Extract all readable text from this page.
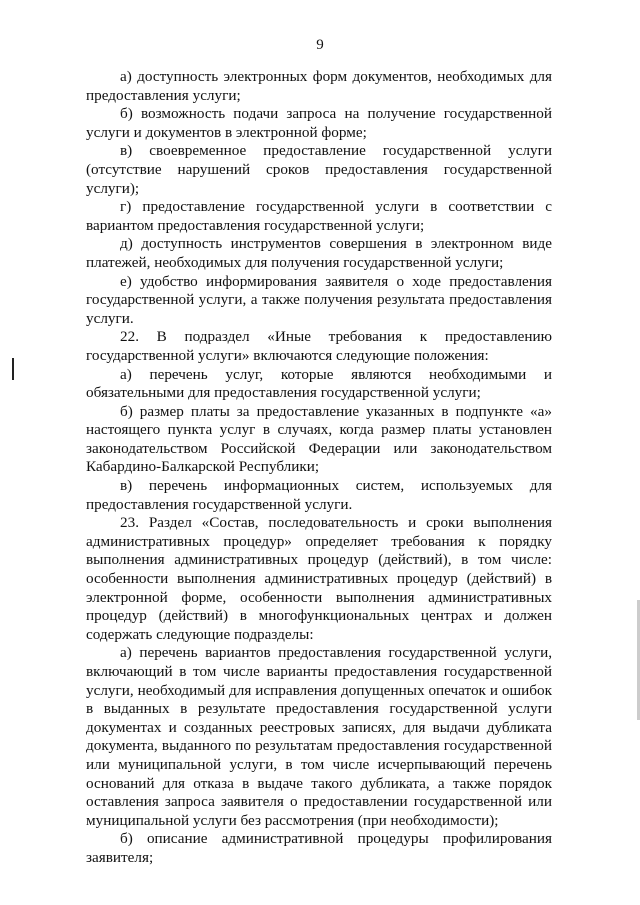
9

а) доступность электронных форм документов, необходимых для предоставления услуги;

б) возможность подачи запроса на получение государственной услуги и документов в электронной форме;

в) своевременное предоставление государственной услуги (отсутствие нарушений сроков предоставления государственной услуги);

г) предоставление государственной услуги в соответствии с вариантом предоставления государственной услуги;

д) доступность инструментов совершения в электронном виде платежей, необходимых для получения государственной услуги;

е) удобство информирования заявителя о ходе предоставления государственной услуги, а также получения результата предоставления услуги.

22. В подраздел «Иные требования к предоставлению государственной услуги» включаются следующие положения:

а) перечень услуг, которые являются необходимыми и обязательными для предоставления государственной услуги;

б) размер платы за предоставление указанных в подпункте «а» настоящего пункта услуг в случаях, когда размер платы установлен законодательством Российской Федерации или законодательством Кабардино-Балкарской Республики;

в) перечень информационных систем, используемых для предоставления государственной услуги.

23. Раздел «Состав, последовательность и сроки выполнения административных процедур» определяет требования к порядку выполнения административных процедур (действий), в том числе: особенности выполнения административных процедур (действий) в электронной форме, особенности выполнения административных процедур (действий) в многофункциональных центрах и должен содержать следующие подразделы:

а) перечень вариантов предоставления государственной услуги, включающий в том числе варианты предоставления государственной услуги, необходимый для исправления допущенных опечаток и ошибок в выданных в результате предоставления государственной услуги документах и созданных реестровых записях, для выдачи дубликата документа, выданного по результатам предоставления государственной или муниципальной услуги, в том числе исчерпывающий перечень оснований для отказа в выдаче такого дубликата, а также порядок оставления запроса заявителя о предоставлении государственной или муниципальной услуги без рассмотрения (при необходимости);

б) описание административной процедуры профилирования заявителя;
